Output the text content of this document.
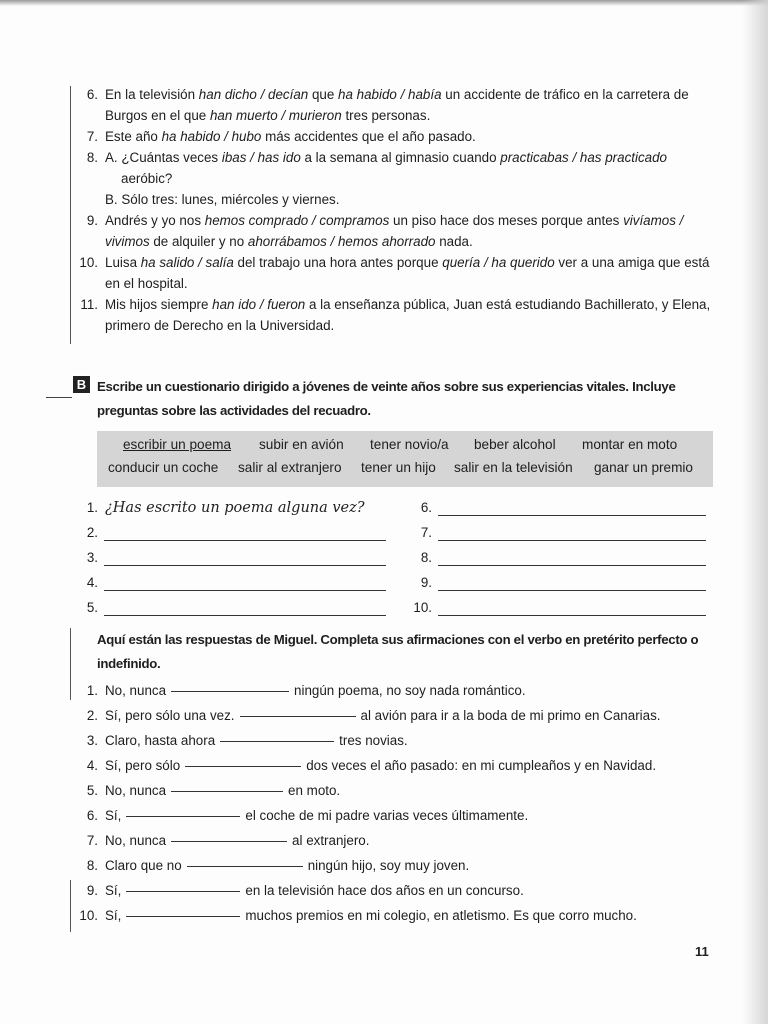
6. En la televisión han dicho / decían que ha habido / había un accidente de tráfico en la carretera de Burgos en el que han muerto / murieron tres personas.
7. Este año ha habido / hubo más accidentes que el año pasado.
8. A. ¿Cuántas veces ibas / has ido a la semana al gimnasio cuando practicabas / has practicado
aeróbic?
B. Sólo tres: lunes, miércoles y viernes.
9. Andrés y yo nos hemos comprado / compramos un piso hace dos meses porque antes vivíamos / vivimos de alquiler y no ahorrábamos / hemos ahorrado nada.
10. Luisa ha salido / salía del trabajo una hora antes porque quería / ha querido ver a una amiga que está en el hospital.
11. Mis hijos siempre han ido / fueron a la enseñanza pública, Juan está estudiando Bachillerato, y Elena, primero de Derecho en la Universidad.
B Escribe un cuestionario dirigido a jóvenes de veinte años sobre sus experiencias vitales. Incluye preguntas sobre las actividades del recuadro.
escribir un poema subir en avión tener novio/a beber alcohol montar en moto
conducir un coche salir al extranjero tener un hijo salir en la televisión ganar un premio
1. ¿Has escrito un poema alguna vez?
2.
3.
4.
5.
6.
7.
8.
9.
10.
Aquí están las respuestas de Miguel. Completa sus afirmaciones con el verbo en pretérito perfecto o indefinido.
1. No, nunca	ningún poema, no soy nada romántico.
2. Sí, pero sólo una vez.	al avión para ir a la boda de mi primo en Canarias.
3. Claro, hasta ahora	tres novias.
4. Sí, pero sólo	dos veces el año pasado: en mi cumpleaños y en Navidad.
5. No, nunca	en moto.
6. Sí,	el coche de mi padre varias veces últimamente.
7. No, nunca	al extranjero.
8. Claro que no	ningún hijo, soy muy joven.
9. Sí,	en la televisión hace dos años en un concurso.
10. Sí,	muchos premios en mi colegio, en atletismo. Es que corro mucho.
11
